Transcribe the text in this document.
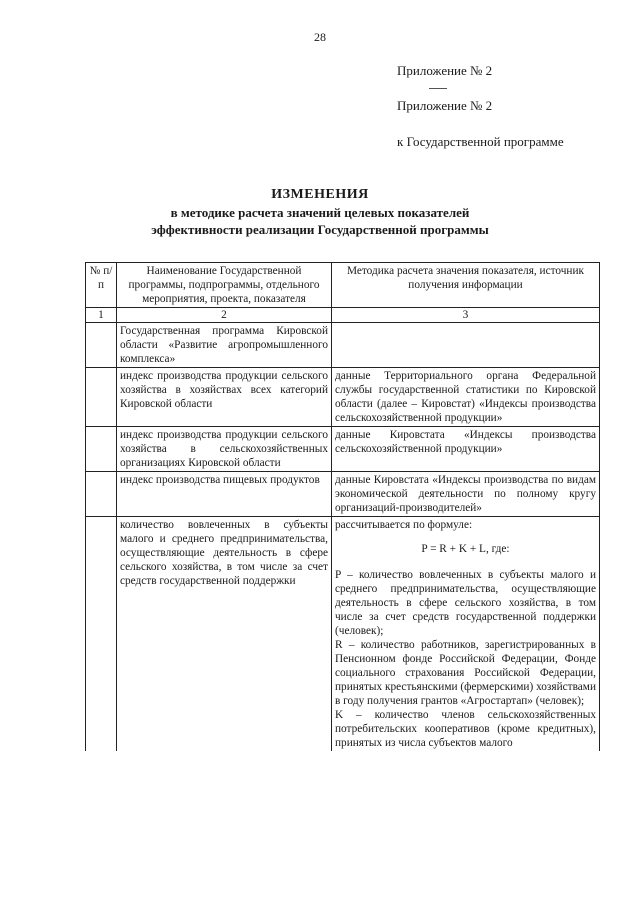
28
Приложение № 2
Приложение № 2
к Государственной программе
ИЗМЕНЕНИЯ
в методике расчета значений целевых показателей
эффективности реализации Государственной программы
№ п/п	Наименование Государственной программы, подпрограммы, отдельного мероприятия, проекта, показателя	Методика расчета значения показателя, источник получения информации
1	2	3
	Государственная программа Кировской области «Развитие агропромышленного комплекса»	
	индекс производства продукции сельского хозяйства в хозяйствах всех категорий Кировской области	данные Территориального органа Федеральной службы государственной статистики по Кировской области (далее – Кировстат) «Индексы производства сельскохозяйственной продукции»
	индекс производства продукции сельского хозяйства в сельскохозяйственных организациях Кировской области	данные Кировстата «Индексы производства сельскохозяйственной продукции»
	индекс производства пищевых продуктов	данные Кировстата «Индексы производства по видам экономической деятельности по полному кругу организаций-производителей»
	количество вовлеченных в субъекты малого и среднего предпринимательства, осуществляющие деятельность в сфере сельского хозяйства, в том числе за счет средств государственной поддержки	рассчитывается по формуле:
P = R + K + L, где:
P – количество вовлеченных в субъекты малого и среднего предпринимательства, осуществляющие деятельность в сфере сельского хозяйства, в том числе за счет средств государственной поддержки (человек);
R – количество работников, зарегистрированных в Пенсионном фонде Российской Федерации, Фонде социального страхования Российской Федерации, принятых крестьянскими (фермерскими) хозяйствами в году получения грантов «Агростартап» (человек);
K – количество членов сельскохозяйственных потребительских кооперативов (кроме кредитных), принятых из числа субъектов малого
